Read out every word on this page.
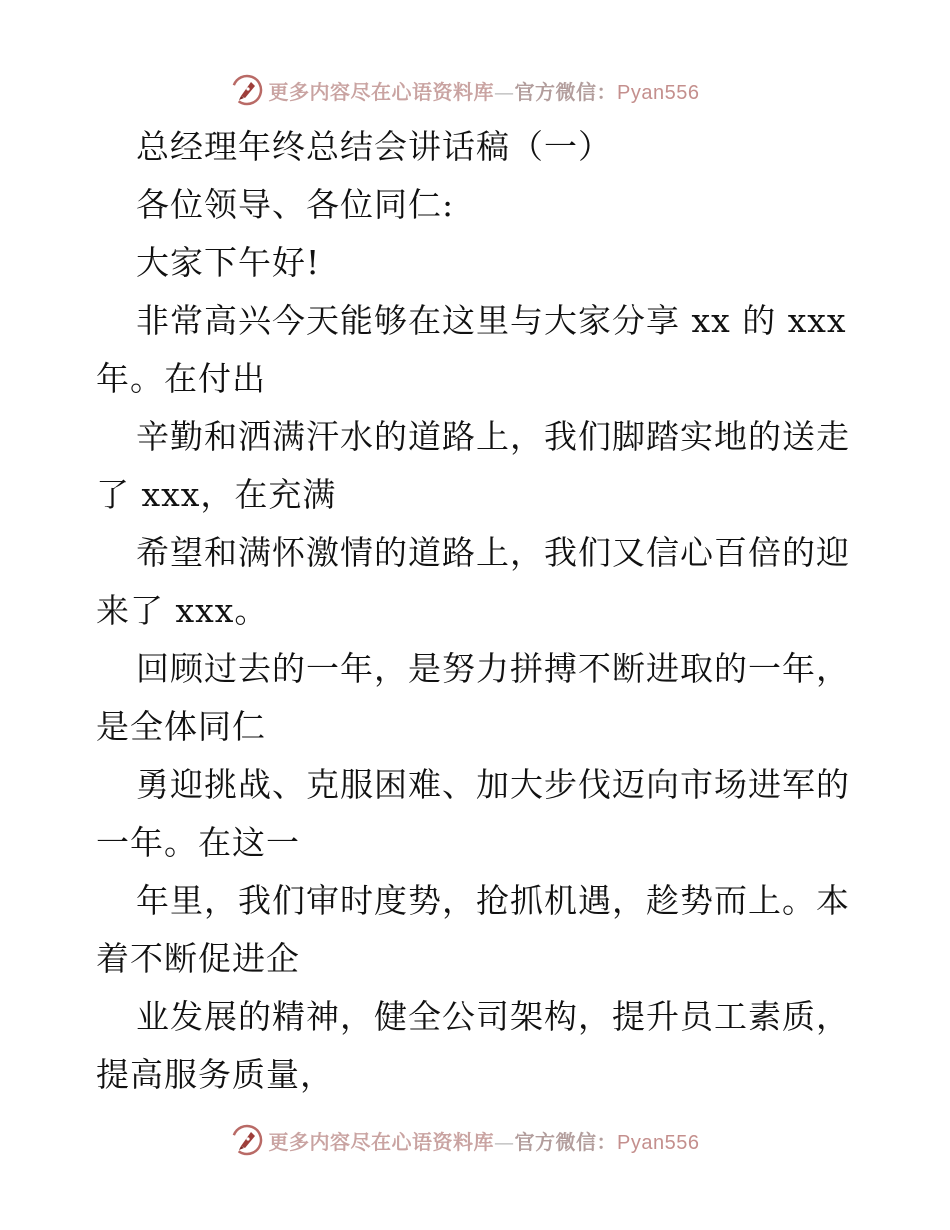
更多内容尽在心语资料库—官方微信：Pyan556
总经理年终总结会讲话稿（一）
各位领导、各位同仁:
大家下午好!
非常高兴今天能够在这里与大家分享 xx 的 xxx
年。在付出
辛勤和洒满汗水的道路上，我们脚踏实地的送走
了 xxx，在充满
希望和满怀激情的道路上，我们又信心百倍的迎
来了 xxx。
回顾过去的一年，是努力拼搏不断进取的一年，
是全体同仁
勇迎挑战、克服困难、加大步伐迈向市场进军的
一年。在这一
年里，我们审时度势，抢抓机遇，趁势而上。本
着不断促进企
业发展的精神，健全公司架构，提升员工素质，
提高服务质量，
更多内容尽在心语资料库—官方微信：Pyan556
